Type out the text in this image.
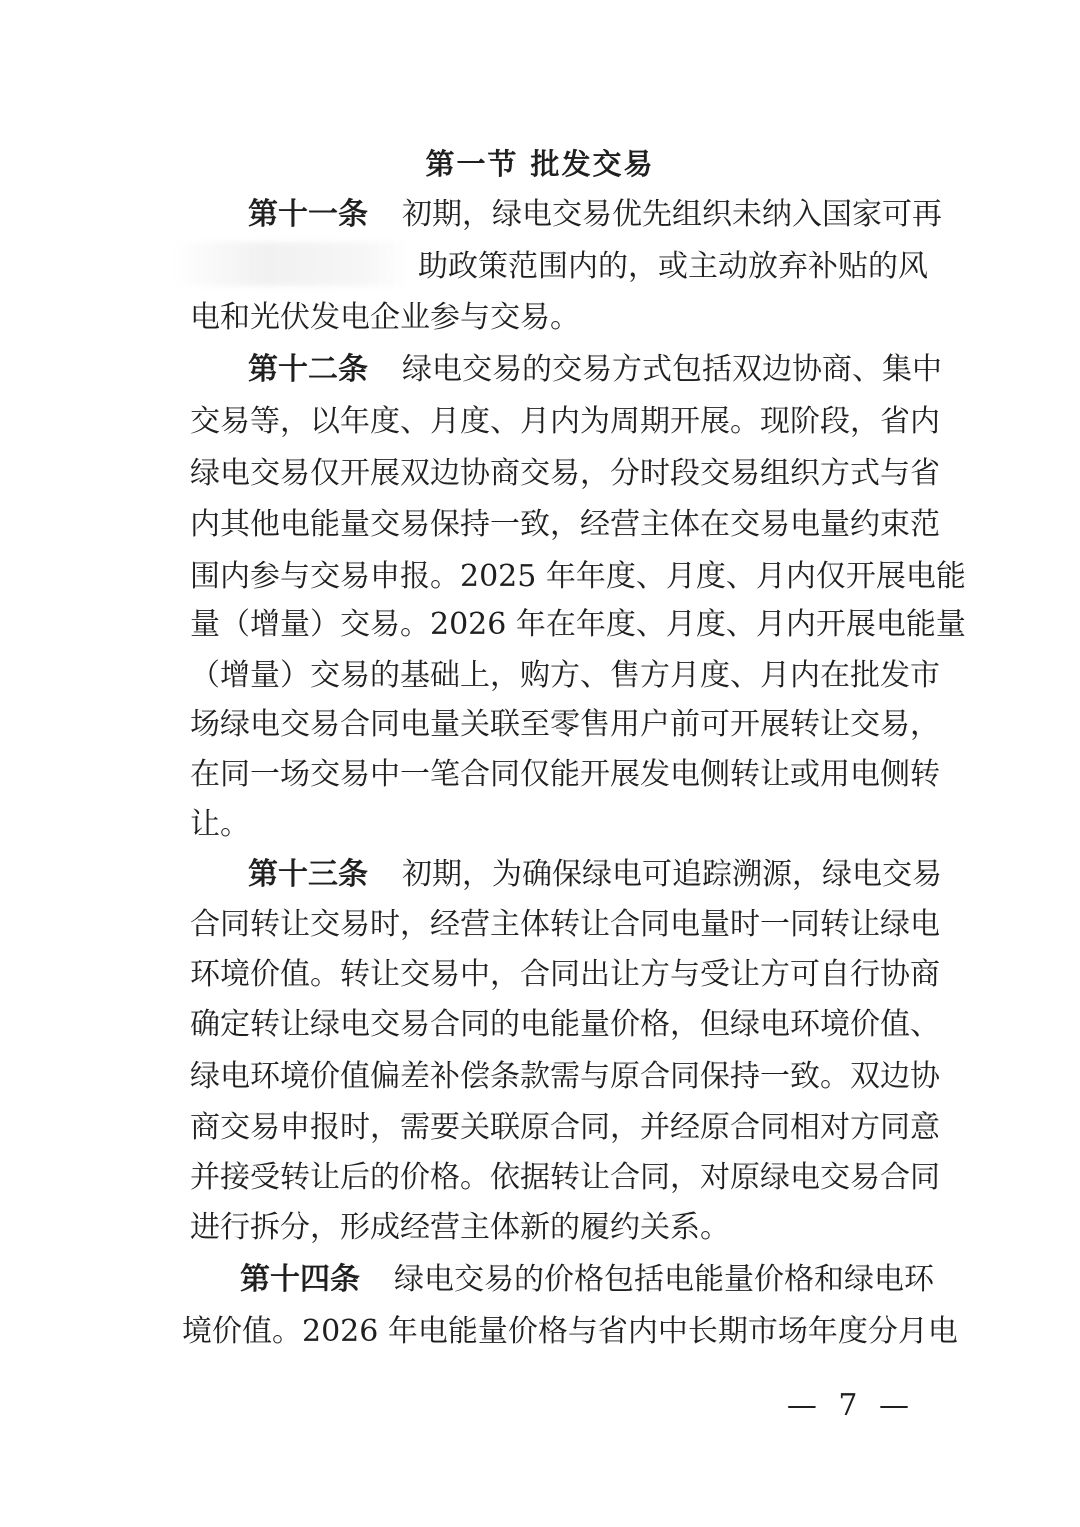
第一节 批发交易
第十一条 初期，绿电交易优先组织未纳入国家可再
助政策范围内的，或主动放弃补贴的风
电和光伏发电企业参与交易。
第十二条 绿电交易的交易方式包括双边协商、集中
交易等，以年度、月度、月内为周期开展。现阶段，省内
绿电交易仅开展双边协商交易，分时段交易组织方式与省
内其他电能量交易保持一致，经营主体在交易电量约束范
围内参与交易申报。2025 年年度、月度、月内仅开展电能
量（增量）交易。2026 年在年度、月度、月内开展电能量
（增量）交易的基础上，购方、售方月度、月内在批发市
场绿电交易合同电量关联至零售用户前可开展转让交易，
在同一场交易中一笔合同仅能开展发电侧转让或用电侧转
让。
第十三条 初期，为确保绿电可追踪溯源，绿电交易
合同转让交易时，经营主体转让合同电量时一同转让绿电
环境价值。转让交易中，合同出让方与受让方可自行协商
确定转让绿电交易合同的电能量价格，但绿电环境价值、
绿电环境价值偏差补偿条款需与原合同保持一致。双边协
商交易申报时，需要关联原合同，并经原合同相对方同意
并接受转让后的价格。依据转让合同，对原绿电交易合同
进行拆分，形成经营主体新的履约关系。
第十四条 绿电交易的价格包括电能量价格和绿电环
境价值。2026 年电能量价格与省内中长期市场年度分月电
— 7 —
